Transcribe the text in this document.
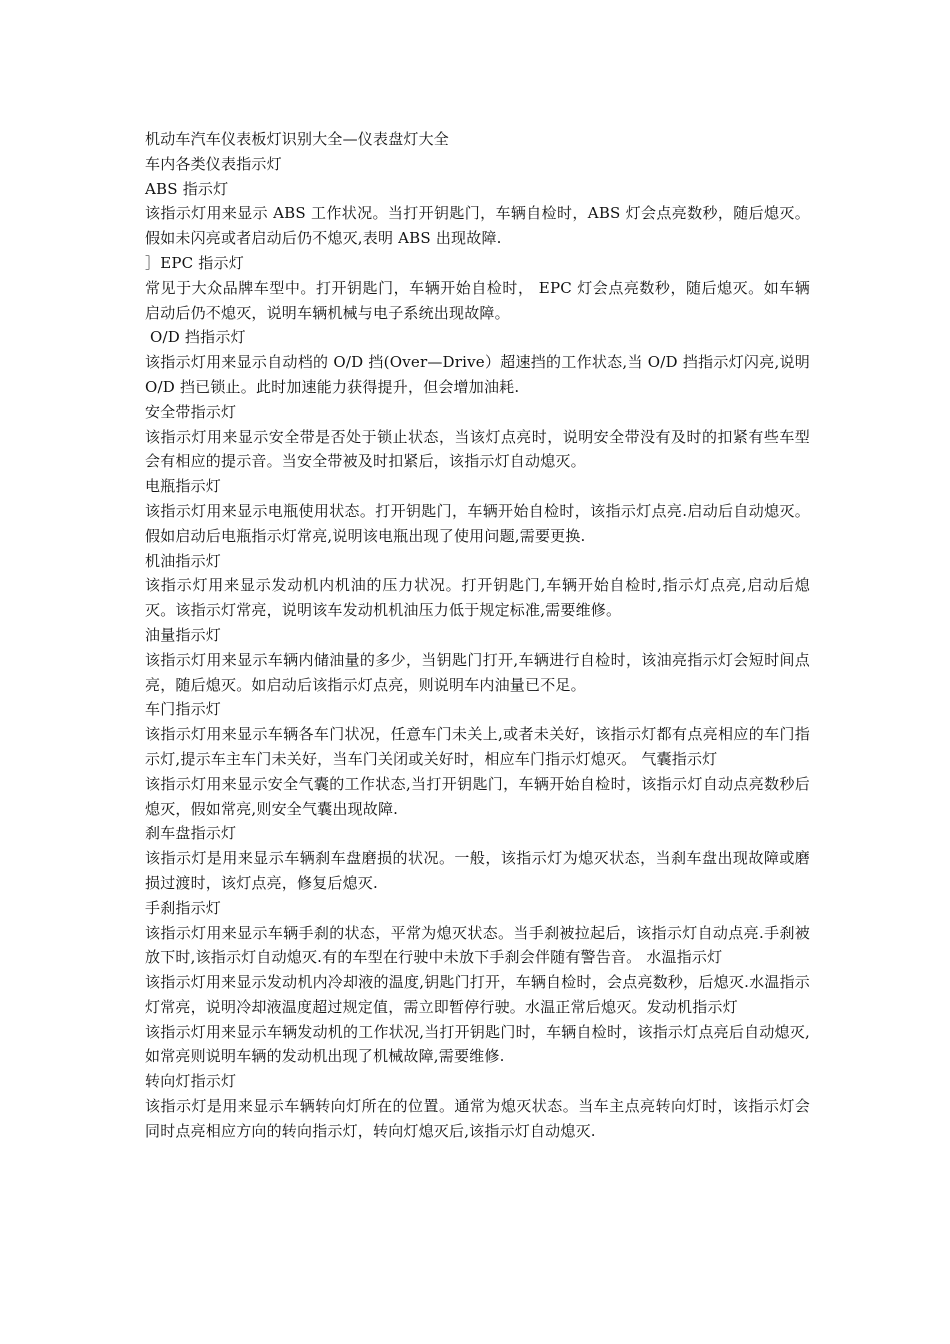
机动车汽车仪表板灯识别大全—仪表盘灯大全
车内各类仪表指示灯
ABS 指示灯
该指示灯用来显示 ABS 工作状况。当打开钥匙门，车辆自检时，ABS 灯会点亮数秒，随后熄灭。假如未闪亮或者启动后仍不熄灭,表明 ABS 出现故障.
］EPC 指示灯
常见于大众品牌车型中。打开钥匙门，车辆开始自检时， EPC 灯会点亮数秒，随后熄灭。如车辆启动后仍不熄灭，说明车辆机械与电子系统出现故障。
O/D 挡指示灯
该指示灯用来显示自动档的 O/D 挡(Over—Drive）超速挡的工作状态,当 O/D 挡指示灯闪亮,说明 O/D 挡已锁止。此时加速能力获得提升，但会增加油耗.
安全带指示灯
该指示灯用来显示安全带是否处于锁止状态，当该灯点亮时，说明安全带没有及时的扣紧有些车型会有相应的提示音。当安全带被及时扣紧后，该指示灯自动熄灭。
电瓶指示灯
该指示灯用来显示电瓶使用状态。打开钥匙门，车辆开始自检时，该指示灯点亮.启动后自动熄灭。假如启动后电瓶指示灯常亮,说明该电瓶出现了使用问题,需要更换.
机油指示灯
该指示灯用来显示发动机内机油的压力状况。打开钥匙门,车辆开始自检时,指示灯点亮,启动后熄灭。该指示灯常亮，说明该车发动机机油压力低于规定标准,需要维修。
油量指示灯
该指示灯用来显示车辆内储油量的多少，当钥匙门打开,车辆进行自检时，该油亮指示灯会短时间点亮，随后熄灭。如启动后该指示灯点亮，则说明车内油量已不足。
车门指示灯
该指示灯用来显示车辆各车门状况，任意车门未关上,或者未关好，该指示灯都有点亮相应的车门指示灯,提示车主车门未关好，当车门关闭或关好时，相应车门指示灯熄灭。 气囊指示灯
该指示灯用来显示安全气囊的工作状态,当打开钥匙门，车辆开始自检时，该指示灯自动点亮数秒后熄灭，假如常亮,则安全气囊出现故障.
刹车盘指示灯
该指示灯是用来显示车辆刹车盘磨损的状况。一般，该指示灯为熄灭状态，当刹车盘出现故障或磨损过渡时，该灯点亮，修复后熄灭.
手刹指示灯
该指示灯用来显示车辆手刹的状态，平常为熄灭状态。当手刹被拉起后，该指示灯自动点亮.手刹被放下时,该指示灯自动熄灭.有的车型在行驶中未放下手刹会伴随有警告音。 水温指示灯
该指示灯用来显示发动机内冷却液的温度,钥匙门打开，车辆自检时，会点亮数秒，后熄灭.水温指示灯常亮，说明冷却液温度超过规定值，需立即暂停行驶。水温正常后熄灭。发动机指示灯
该指示灯用来显示车辆发动机的工作状况,当打开钥匙门时，车辆自检时，该指示灯点亮后自动熄灭,如常亮则说明车辆的发动机出现了机械故障,需要维修.
转向灯指示灯
该指示灯是用来显示车辆转向灯所在的位置。通常为熄灭状态。当车主点亮转向灯时，该指示灯会同时点亮相应方向的转向指示灯，转向灯熄灭后,该指示灯自动熄灭.
